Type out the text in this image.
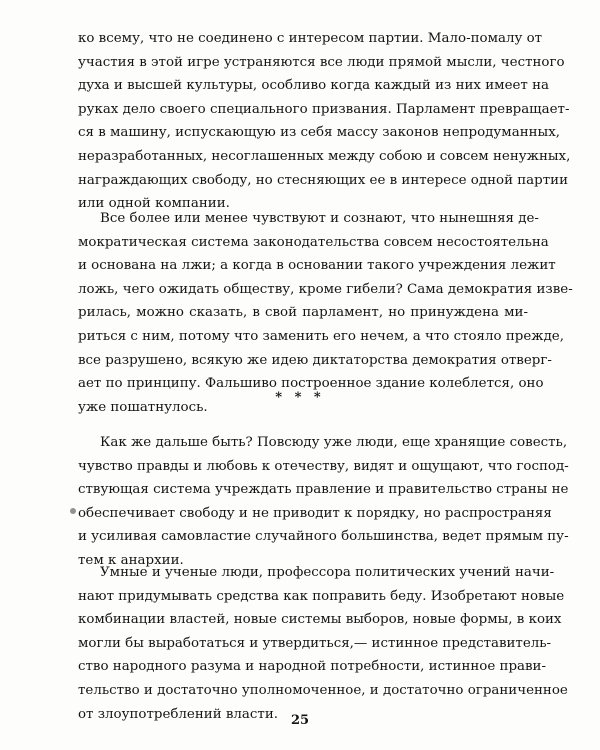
ко всему, что не соединено с интересом партии. Мало-помалу от
участия в этой игре устраняются все люди прямой мысли, честного
духа и высшей культуры, особливо когда каждый из них имеет на
руках дело своего специального призвания. Парламент превращает-
ся в машину, испускающую из себя массу законов непродуманных,
неразработанных, несоглашенных между собою и совсем ненужных,
награждающих свободу, но стесняющих ее в интересе одной партии
или одной компании.
Все более или менее чувствуют и сознают, что нынешняя де-
мократическая система законодательства совсем несостоятельна
и основана на лжи; а когда в основании такого учреждения лежит
ложь, чего ожидать обществу, кроме гибели? Сама демократия изве-
рилась, можно сказать, в свой парламент, но принуждена ми-
риться с ним, потому что заменить его нечем, а что стояло прежде,
все разрушено, всякую же идею диктаторства демократия отверг-
ает по принципу. Фальшиво построенное здание колеблется, оно
уже пошатнулось.
* * *
Как же дальше быть? Повсюду уже люди, еще хранящие совесть,
чувство правды и любовь к отечеству, видят и ощущают, что господ-
ствующая система учреждать правление и правительство страны не
обеспечивает свободу и не приводит к порядку, но распространяя
и усиливая самовластие случайного большинства, ведет прямым пу-
тем к анархии.
Умные и ученые люди, профессора политических учений начи-
нают придумывать средства как поправить беду. Изобретают новые
комбинации властей, новые системы выборов, новые формы, в коих
могли бы выработаться и утвердиться,— истинное представитель-
ство народного разума и народной потребности, истинное прави-
тельство и достаточно уполномоченное, и достаточно ограниченное
от злоупотреблений власти. 25
